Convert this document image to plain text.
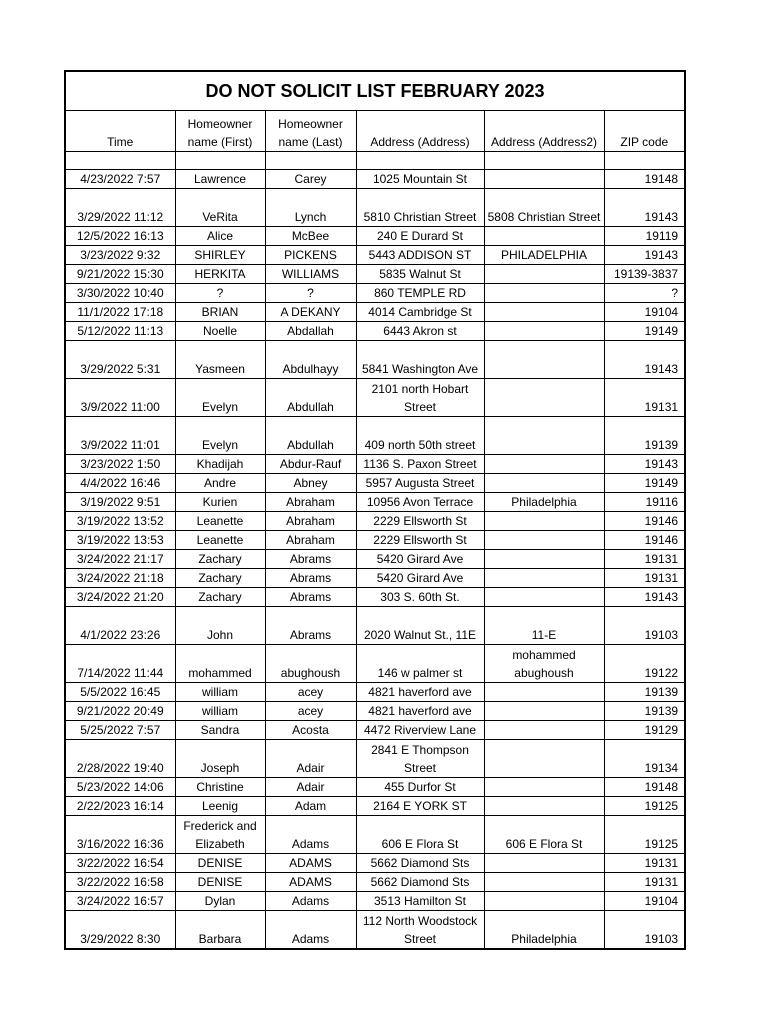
DO NOT SOLICIT LIST FEBRUARY 2023					
Time	Homeowner name (First)	Homeowner name (Last)	Address (Address)	Address (Address2)	ZIP code

4/23/2022 7:57	Lawrence	Carey	1025 Mountain St		19148
3/29/2022 11:12	VeRita	Lynch	5810 Christian Street	5808 Christian Street	19143
12/5/2022 16:13	Alice	McBee	240 E Durard St		19119
3/23/2022 9:32	SHIRLEY	PICKENS	5443 ADDISON ST	PHILADELPHIA	19143
9/21/2022 15:30	HERKITA	WILLIAMS	5835 Walnut St		19139-3837
3/30/2022 10:40	?	?	860 TEMPLE RD		?
11/1/2022 17:18	BRIAN	A DEKANY	4014 Cambridge St		19104
5/12/2022 11:13	Noelle	Abdallah	6443 Akron st		19149
3/29/2022 5:31	Yasmeen	Abdulhayy	5841 Washington Ave		19143
3/9/2022 11:00	Evelyn	Abdullah	2101 north Hobart Street		19131
3/9/2022 11:01	Evelyn	Abdullah	409 north 50th street		19139
3/23/2022 1:50	Khadijah	Abdur-Rauf	1136 S. Paxon Street		19143
4/4/2022 16:46	Andre	Abney	5957 Augusta Street		19149
3/19/2022 9:51	Kurien	Abraham	10956 Avon Terrace	Philadelphia	19116
3/19/2022 13:52	Leanette	Abraham	2229 Ellsworth St		19146
3/19/2022 13:53	Leanette	Abraham	2229 Ellsworth St		19146
3/24/2022 21:17	Zachary	Abrams	5420 Girard Ave		19131
3/24/2022 21:18	Zachary	Abrams	5420 Girard Ave		19131
3/24/2022 21:20	Zachary	Abrams	303 S. 60th St.		19143
4/1/2022 23:26	John	Abrams	2020 Walnut St., 11E	11-E	19103
7/14/2022 11:44	mohammed	abughoush	146 w palmer st	mohammed abughoush	19122
5/5/2022 16:45	william	acey	4821 haverford ave		19139
9/21/2022 20:49	william	acey	4821 haverford ave		19139
5/25/2022 7:57	Sandra	Acosta	4472 Riverview Lane		19129
2/28/2022 19:40	Joseph	Adair	2841 E Thompson Street		19134
5/23/2022 14:06	Christine	Adair	455 Durfor St		19148
2/22/2023 16:14	Leenig	Adam	2164 E YORK ST		19125
3/16/2022 16:36	Frederick and Elizabeth	Adams	606 E Flora St	606 E Flora St	19125
3/22/2022 16:54	DENISE	ADAMS	5662 Diamond Sts		19131
3/22/2022 16:58	DENISE	ADAMS	5662 Diamond Sts		19131
3/24/2022 16:57	Dylan	Adams	3513 Hamilton St		19104
3/29/2022 8:30	Barbara	Adams	112 North Woodstock Street	Philadelphia	19103
